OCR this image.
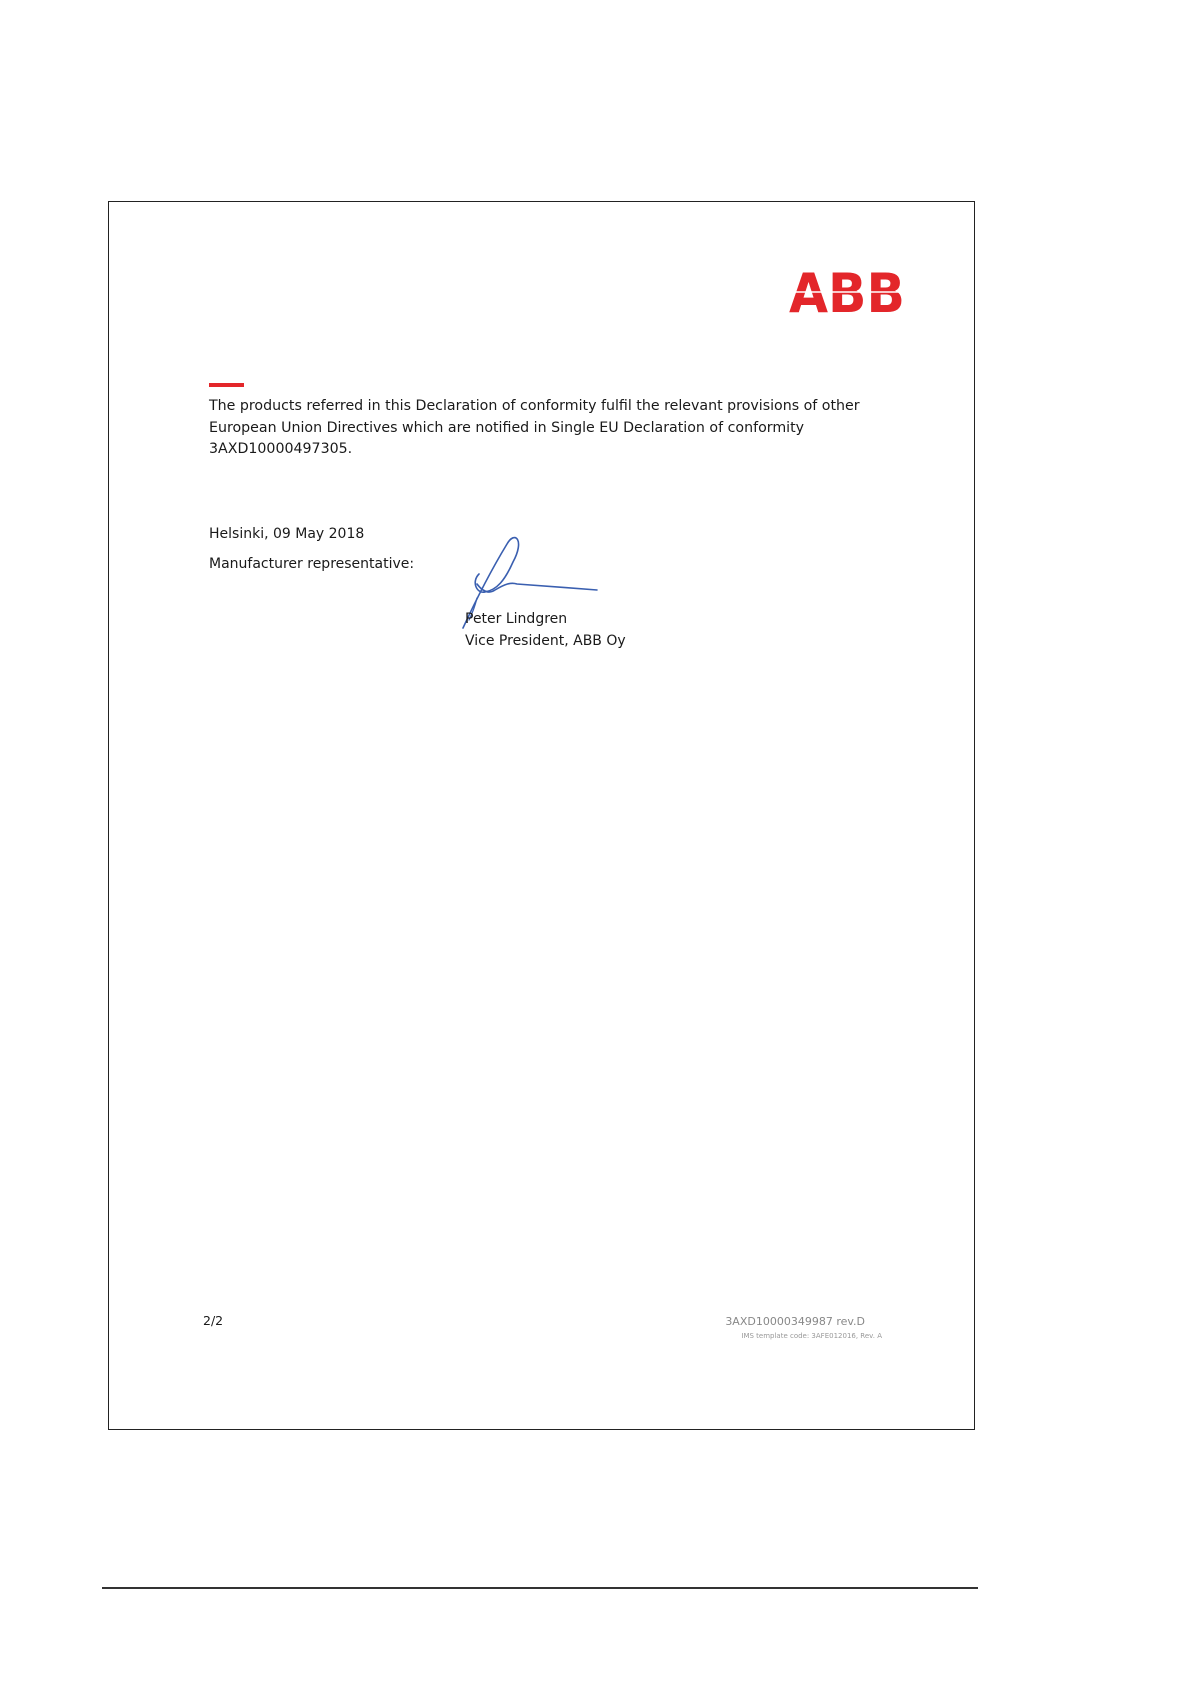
ABB

The products referred in this Declaration of conformity fulfil the relevant provisions of other
European Union Directives which are notified in Single EU Declaration of conformity
3AXD10000497305.

Helsinki, 09 May 2018
Manufacturer representative:
Peter Lindgren
Vice President, ABB Oy
2/2	3AXD10000349987 rev.D
IMS template code: 3AFE012016, Rev. A
